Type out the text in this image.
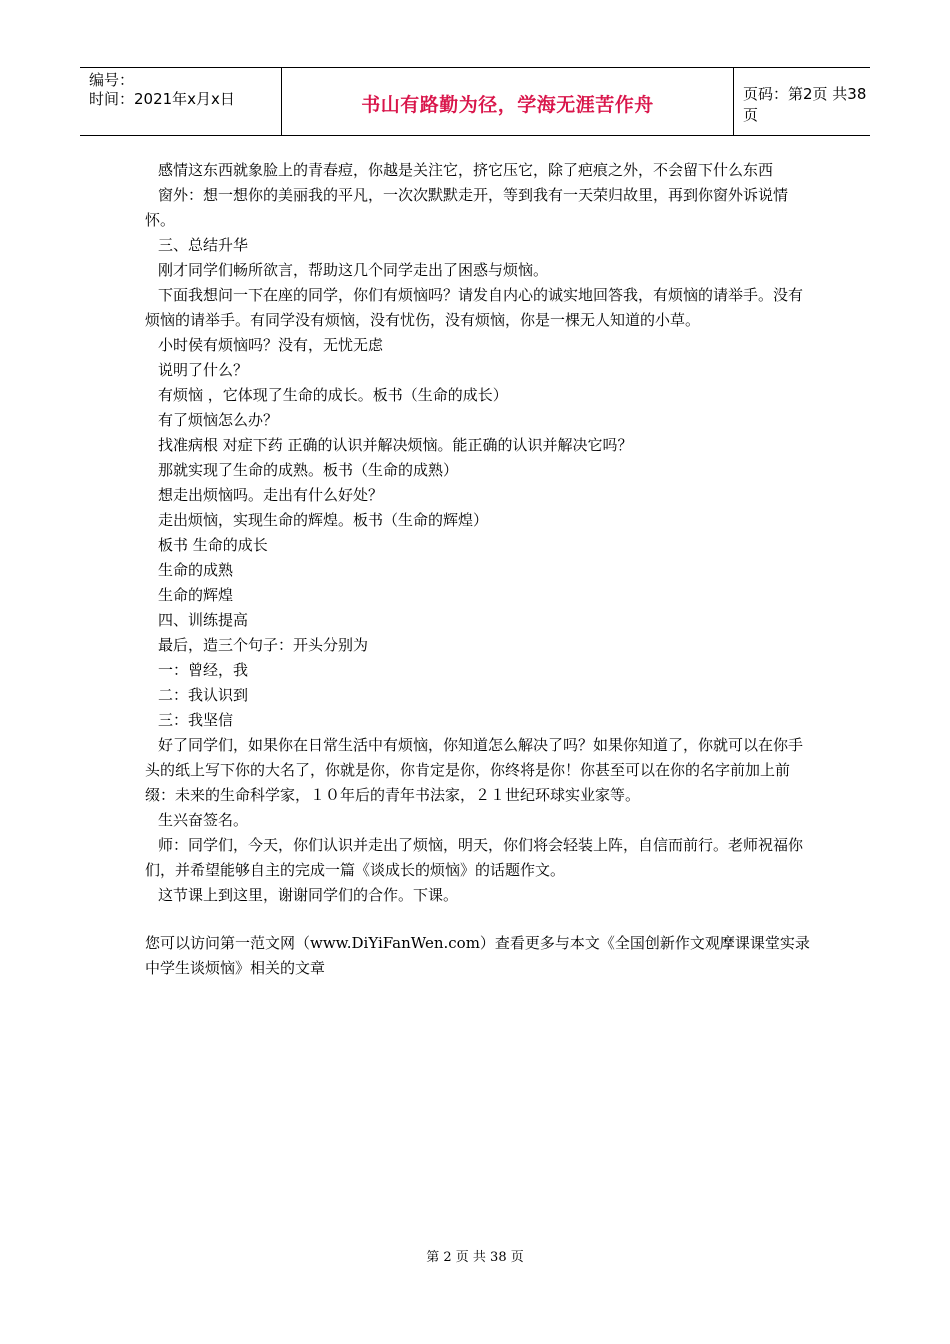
编号：
时间：2021年x月x日	书山有路勤为径，学海无涯苦作舟
页码：第2页 共38页

感情这东西就象脸上的青春痘，你越是关注它，挤它压它，除了疤痕之外，不会留下什么东西

窗外：想一想你的美丽我的平凡，一次次默默走开，等到我有一天荣归故里，再到你窗外诉说情怀。

三、总结升华

刚才同学们畅所欲言，帮助这几个同学走出了困惑与烦恼。

下面我想问一下在座的同学，你们有烦恼吗？请发自内心的诚实地回答我，有烦恼的请举手。没有烦恼的请举手。有同学没有烦恼，没有忧伤，没有烦恼，你是一棵无人知道的小草。

小时侯有烦恼吗？没有，无忧无虑

说明了什么？

有烦恼 ，它体现了生命的成长。板书（生命的成长）

有了烦恼怎么办？

找准病根 对症下药 正确的认识并解决烦恼。能正确的认识并解决它吗？

那就实现了生命的成熟。板书（生命的成熟）

想走出烦恼吗。走出有什么好处？

走出烦恼，实现生命的辉煌。板书（生命的辉煌）

板书 生命的成长

生命的成熟

生命的辉煌

四、训练提高

最后，造三个句子：开头分别为

一：曾经，我

二：我认识到

三：我坚信

好了同学们，如果你在日常生活中有烦恼，你知道怎么解决了吗？如果你知道了，你就可以在你手头的纸上写下你的大名了，你就是你，你肯定是你，你终将是你！你甚至可以在你的名字前加上前缀：未来的生命科学家，１０年后的青年书法家，２１世纪环球实业家等。

生兴奋签名。

师：同学们，今天，你们认识并走出了烦恼，明天，你们将会轻装上阵，自信而前行。老师祝福你们，并希望能够自主的完成一篇《谈成长的烦恼》的话题作文。

这节课上到这里，谢谢同学们的合作。下课。

您可以访问第一范文网（www.DiYiFanWen.com）查看更多与本文《全国创新作文观摩课课堂实录 中学生谈烦恼》相关的文章

第 2 页 共 38 页
